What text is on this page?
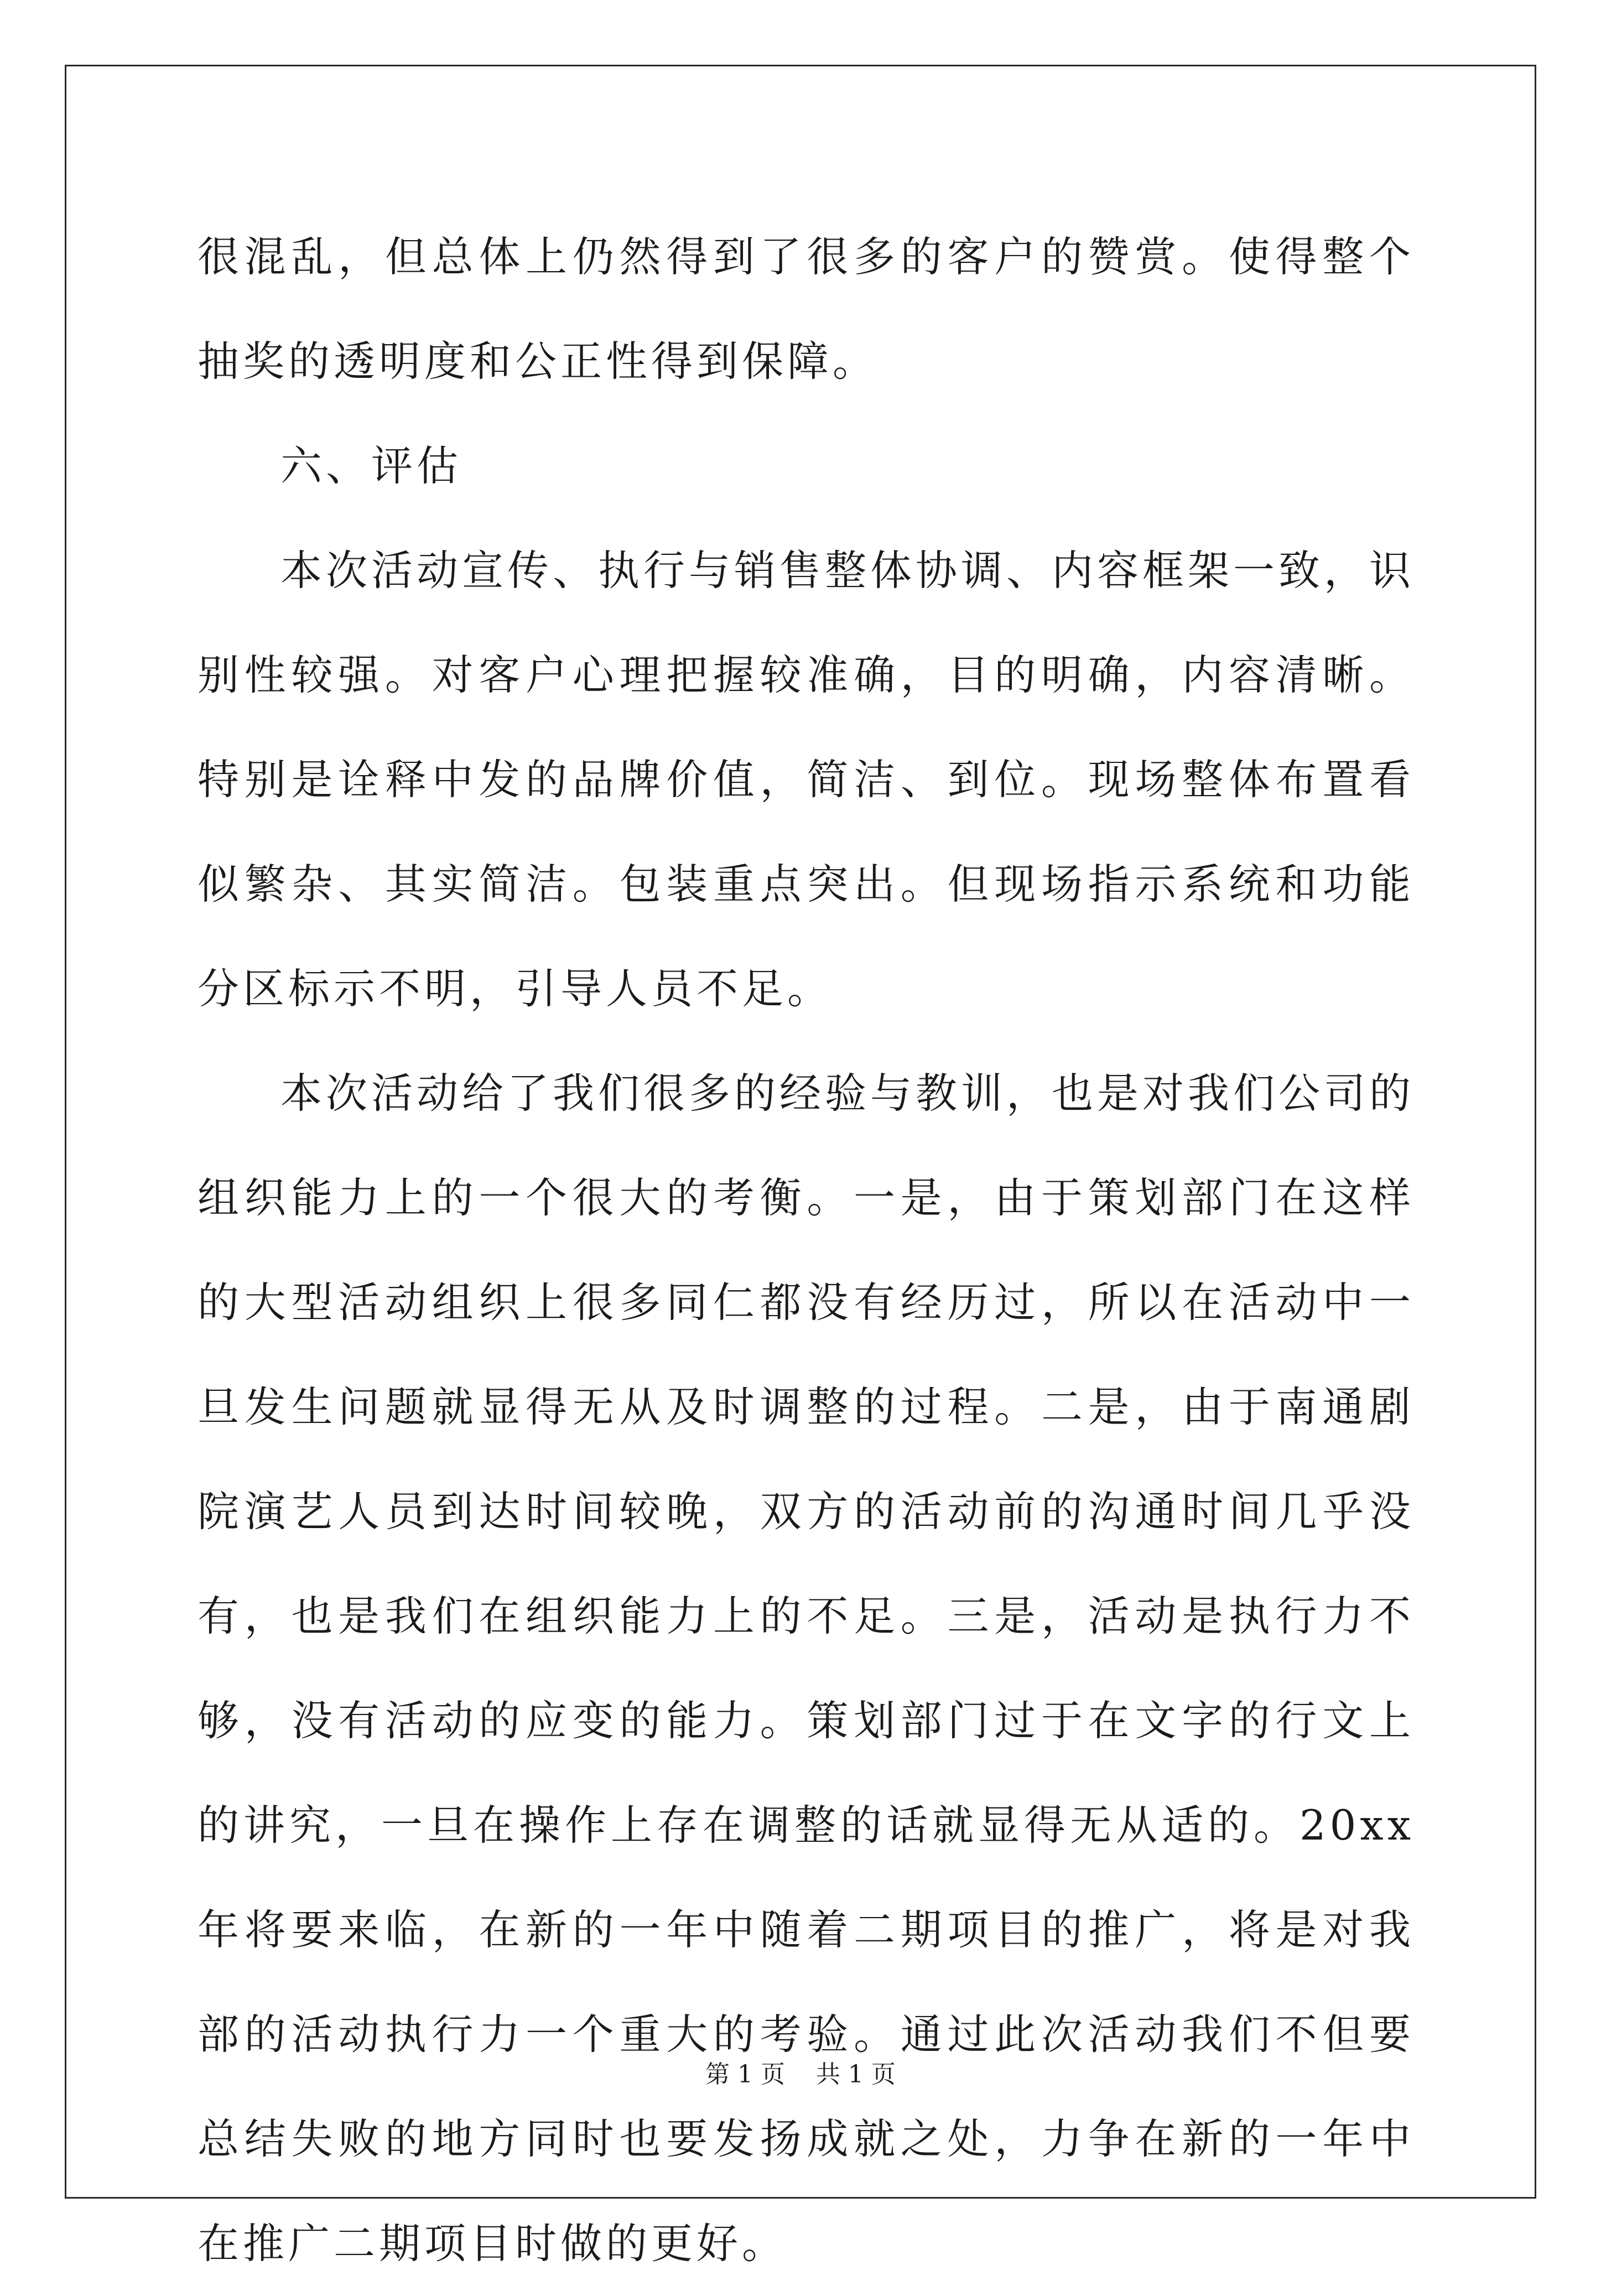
很混乱，但总体上仍然得到了很多的客户的赞赏。使得整个抽奖的透明度和公正性得到保障。

六、评估

本次活动宣传、执行与销售整体协调、内容框架一致，识别性较强。对客户心理把握较准确，目的明确，内容清晰。特别是诠释中发的品牌价值，简洁、到位。现场整体布置看似繁杂、其实简洁。包装重点突出。但现场指示系统和功能分区标示不明，引导人员不足。

本次活动给了我们很多的经验与教训，也是对我们公司的组织能力上的一个很大的考衡。一是，由于策划部门在这样的大型活动组织上很多同仁都没有经历过，所以在活动中一旦发生问题就显得无从及时调整的过程。二是，由于南通剧院演艺人员到达时间较晚，双方的活动前的沟通时间几乎没有，也是我们在组织能力上的不足。三是，活动是执行力不够，没有活动的应变的能力。策划部门过于在文字的行文上的讲究，一旦在操作上存在调整的话就显得无从适的。20xx 年将要来临，在新的一年中随着二期项目的推广，将是对我部的活动执行力一个重大的考验。通过此次活动我们不但要总结失败的地方同时也要发扬成就之处，力争在新的一年中在推广二期项目时做的更好。

第 1 页    共 1 页
